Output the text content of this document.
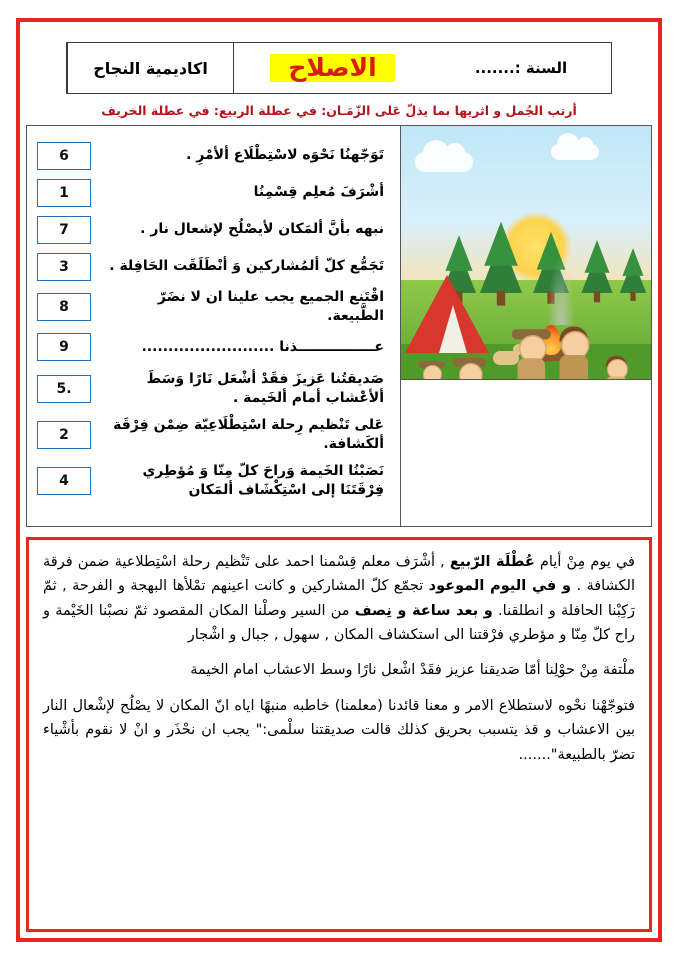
السنة :.......
الاصلاح
اكاديمية النجاح
أرتب الجُمل و اثريها بما يذلّ عَلى الزّمَـان: في عطلة الربيع: في عطلة الخريف
تَوَجّهنُا نَحْوَه لاسْتِطْلَاع ألأمْرِ .
6
أشْرَفَ مُعلِم قِسْمِنُا
1
نبهه بأنَّ ألمَكان لأيصْلُح لإشعال نار .
7
تَجَمُّع كلّ ألمُشاركين وَ أنْطَلَقَت الحَافِلة .
3
اقْتَنع الجميع يجب علينا ان لا نضَرّ الطَّبيعة.
8
عــــــــــــــــذنا .........................
9
صَديقتُنا عَزيزَ فقَدْ أشْعَل نَارًا وَسَطَ ألأعْشاب أمام ألخَيمة .
.5
عَلى تَنْظيم رِحلة اسْتِطْلَاعِيّة ضِمْن فِرْقَة ألكَشافة.
2
نَصَبْنُا الخَيمة وَراحَ كلّ مِنّا وَ مُؤطِري فِرْقَتَنَا إلى اسْتِكْشَاف ألمَكان
4

في يوم مِنْ أيام عُطْلَة الرّبيع , أشْرَف معلم قِسْمنا احمد على تَنْظيم رحلة اسْتِطلاعية ضمن فرقة الكشافة . و في اليوم الموعود تجمّع كلّ المشاركين و كانت اعينهم تمْلأها البهجة و الفرحة , ثمّ رَكِبْنا الحافلة و انطلقنا. و بعد ساعة و نِصف من السير وصلْنا المكان المقصود ثمّ نصبْنا الخَيْمة و راح كلّ مِنّا و مؤطري فرْقتنا الى استكشاف المكان , سهول , جبال و اشْجار

ملْتفة مِنْ حوْلِنا أمّا صَديقنا عزيز فقَدْ اشْعل نارًا وسط الاعشاب امام الخيمة

فتوجّهْنا نحْوه لاستطلاع الامر و معنا قائدنا (معلمنا) خاطبه منبهًا اياه انّ المكان لا يصْلُح لإشْعال النار بين الاعشاب و قذ يتسبب بحريق كذلك قالت صديقتنا سلْمى:" يجب ان نحْذَر و انْ لا نقوم بأشْياء تضرّ بالطبيعة".......
